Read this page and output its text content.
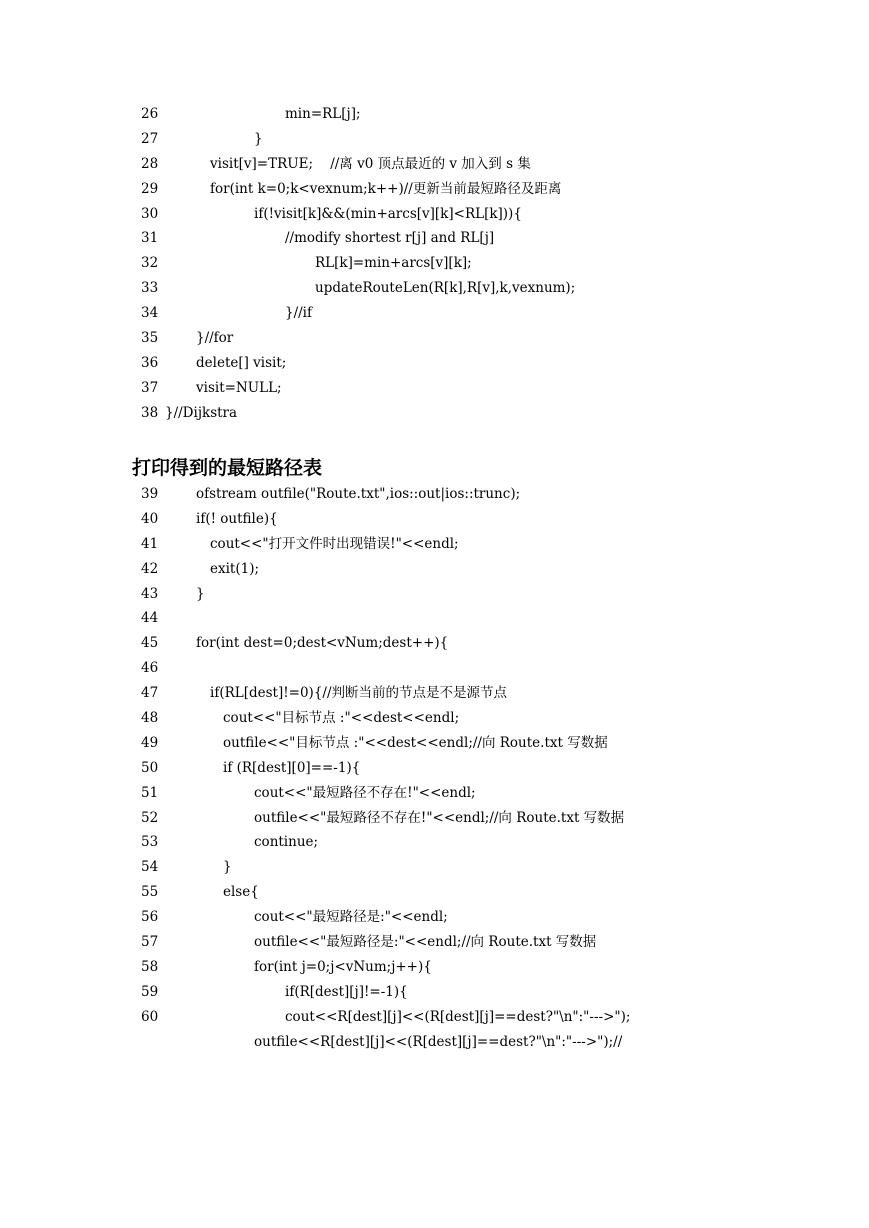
26	min=RL[j];
27	}
28	visit[v]=TRUE;    //离 v0 顶点最近的 v 加入到 s 集
29	for(int k=0;k<vexnum;k++)//更新当前最短路径及距离
30	if(!visit[k]&&(min+arcs[v][k]<RL[k])){
31	//modify shortest r[j] and RL[j]
32	RL[k]=min+arcs[v][k];
33	updateRouteLen(R[k],R[v],k,vexnum);
34	}//if
35	}//for
36	delete[] visit;
37	visit=NULL;
38 }//Dijkstra
打印得到的最短路径表
39	ofstream outfile("Route.txt",ios::out|ios::trunc);
40	if(! outfile){
41	cout<<"打开文件时出现错误!"<<endl;
42	exit(1);
43	}
44
45	for(int dest=0;dest<vNum;dest++){
46
47	if(RL[dest]!=0){//判断当前的节点是不是源节点
48	cout<<"目标节点 :"<<dest<<endl;
49	outfile<<"目标节点 :"<<dest<<endl;//向 Route.txt 写数据
50	if (R[dest][0]==-1){
51	cout<<"最短路径不存在!"<<endl;
52	outfile<<"最短路径不存在!"<<endl;//向 Route.txt 写数据
53	continue;
54	}
55	else{
56	cout<<"最短路径是:"<<endl;
57	outfile<<"最短路径是:"<<endl;//向 Route.txt 写数据
58	for(int j=0;j<vNum;j++){
59	if(R[dest][j]!=-1){
60	cout<<R[dest][j]<<(R[dest][j]==dest?"\n":"--->");
outfile<<R[dest][j]<<(R[dest][j]==dest?"\n":"--->");//
